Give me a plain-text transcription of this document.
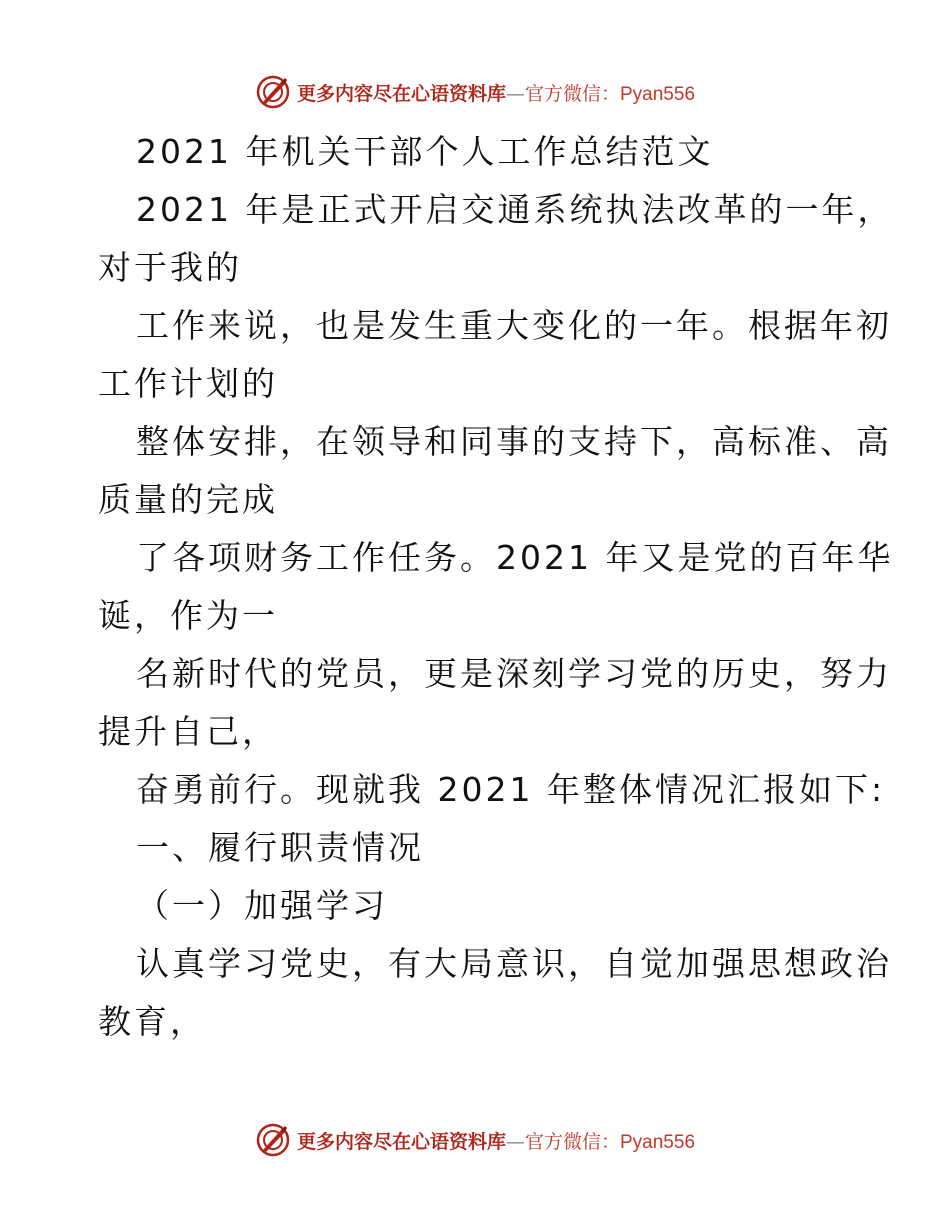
更多内容尽在心语资料库—官方微信：Pyan556
2021 年机关干部个人工作总结范文
2021 年是正式开启交通系统执法改革的一年，
对于我的
工作来说，也是发生重大变化的一年。根据年初
工作计划的
整体安排，在领导和同事的支持下，高标准、高
质量的完成
了各项财务工作任务。2021 年又是党的百年华
诞，作为一
名新时代的党员，更是深刻学习党的历史，努力
提升自己，
奋勇前行。现就我 2021 年整体情况汇报如下:
一、履行职责情况
（一）加强学习
认真学习党史，有大局意识，自觉加强思想政治
教育，
更多内容尽在心语资料库—官方微信：Pyan556
